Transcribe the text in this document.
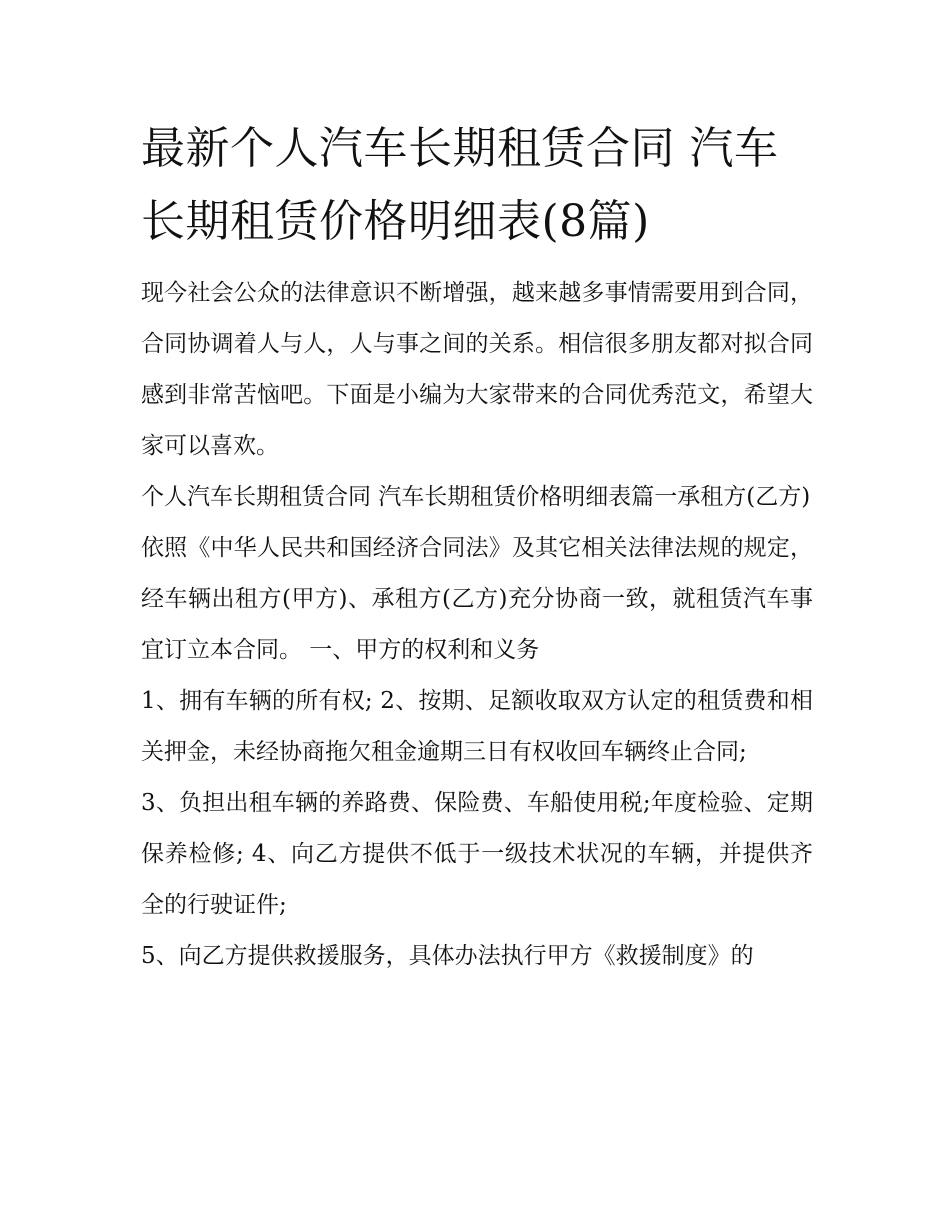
最新个人汽车长期租赁合同 汽车长期租赁价格明细表(8篇)

现今社会公众的法律意识不断增强，越来越多事情需要用到合同，合同协调着人与人，人与事之间的关系。相信很多朋友都对拟合同感到非常苦恼吧。下面是小编为大家带来的合同优秀范文，希望大家可以喜欢。

个人汽车长期租赁合同 汽车长期租赁价格明细表篇一承租方(乙方)

依照《中华人民共和国经济合同法》及其它相关法律法规的规定，经车辆出租方(甲方)、承租方(乙方)充分协商一致，就租赁汽车事宜订立本合同。 一、甲方的权利和义务

1、拥有车辆的所有权; 2、按期、足额收取双方认定的租赁费和相关押金，未经协商拖欠租金逾期三日有权收回车辆终止合同;

3、负担出租车辆的养路费、保险费、车船使用税;年度检验、定期保养检修; 4、向乙方提供不低于一级技术状况的车辆，并提供齐全的行驶证件;

5、向乙方提供救援服务，具体办法执行甲方《救援制度》的
